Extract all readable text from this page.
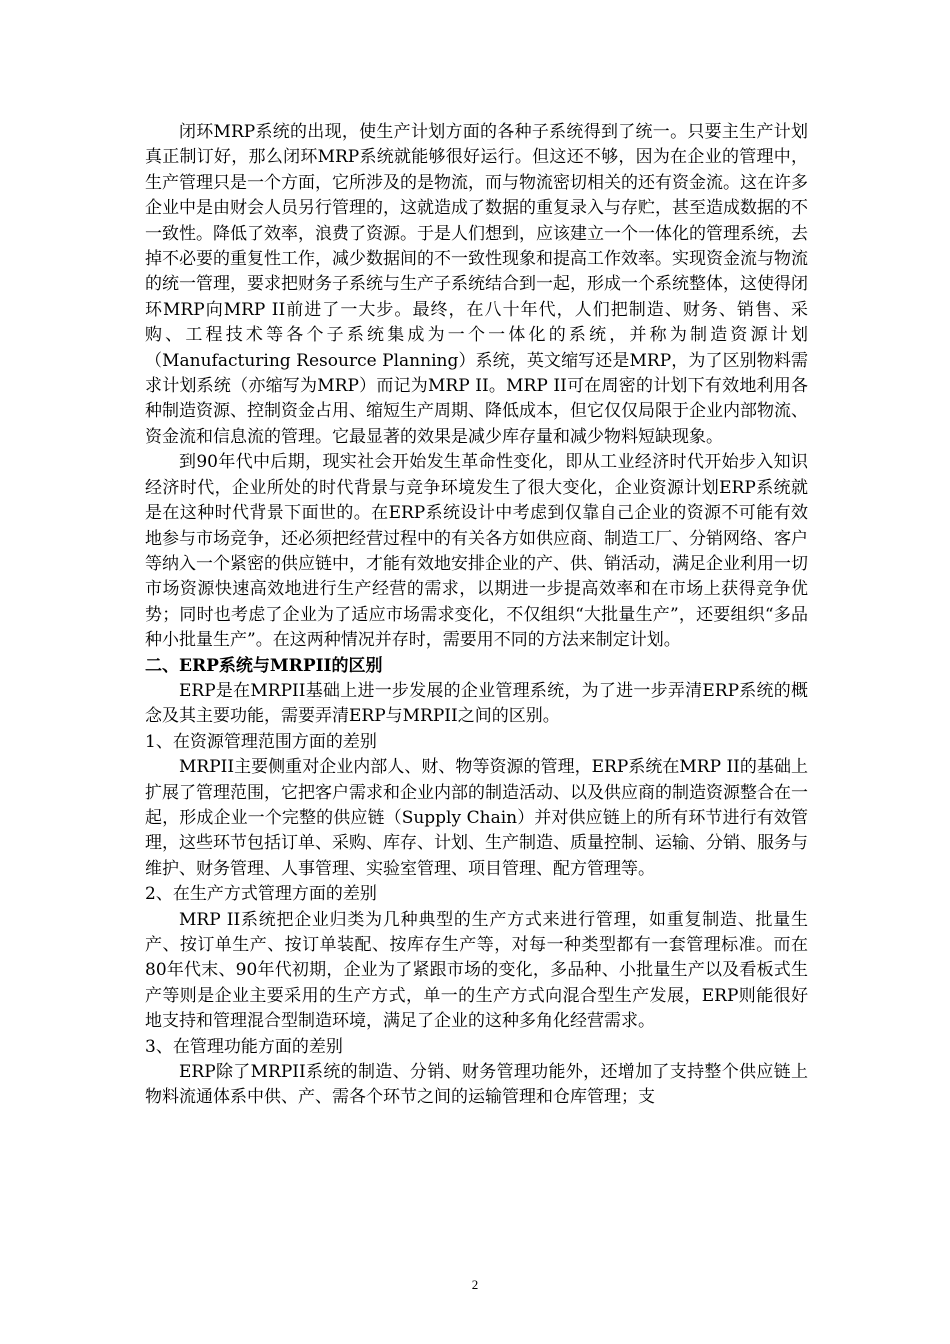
闭环MRP系统的出现，使生产计划方面的各种子系统得到了统一。只要主生产计划真正制订好，那么闭环MRP系统就能够很好运行。但这还不够，因为在企业的管理中，生产管理只是一个方面，它所涉及的是物流，而与物流密切相关的还有资金流。这在许多企业中是由财会人员另行管理的，这就造成了数据的重复录入与存贮，甚至造成数据的不一致性。降低了效率，浪费了资源。于是人们想到，应该建立一个一体化的管理系统，去掉不必要的重复性工作，减少数据间的不一致性现象和提高工作效率。实现资金流与物流的统一管理，要求把财务子系统与生产子系统结合到一起，形成一个系统整体，这使得闭环MRP向MRP II前进了一大步。最终，在八十年代，人们把制造、财务、销售、采购、工程技术等各个子系统集成为一个一体化的系统，并称为制造资源计划（Manufacturing Resource Planning）系统，英文缩写还是MRP，为了区别物料需求计划系统（亦缩写为MRP）而记为MRP II。MRP II可在周密的计划下有效地利用各种制造资源、控制资金占用、缩短生产周期、降低成本，但它仅仅局限于企业内部物流、资金流和信息流的管理。它最显著的效果是减少库存量和减少物料短缺现象。

到90年代中后期，现实社会开始发生革命性变化，即从工业经济时代开始步入知识经济时代，企业所处的时代背景与竞争环境发生了很大变化，企业资源计划ERP系统就是在这种时代背景下面世的。在ERP系统设计中考虑到仅靠自己企业的资源不可能有效地参与市场竞争，还必须把经营过程中的有关各方如供应商、制造工厂、分销网络、客户等纳入一个紧密的供应链中，才能有效地安排企业的产、供、销活动，满足企业利用一切市场资源快速高效地进行生产经营的需求，以期进一步提高效率和在市场上获得竞争优势；同时也考虑了企业为了适应市场需求变化，不仅组织“大批量生产”，还要组织“多品种小批量生产”。在这两种情况并存时，需要用不同的方法来制定计划。

二、ERP系统与MRPII的区别

ERP是在MRPII基础上进一步发展的企业管理系统，为了进一步弄清ERP系统的概念及其主要功能，需要弄清ERP与MRPII之间的区别。

1、在资源管理范围方面的差别

MRPII主要侧重对企业内部人、财、物等资源的管理，ERP系统在MRP II的基础上扩展了管理范围，它把客户需求和企业内部的制造活动、以及供应商的制造资源整合在一起，形成企业一个完整的供应链（Supply Chain）并对供应链上的所有环节进行有效管理，这些环节包括订单、采购、库存、计划、生产制造、质量控制、运输、分销、服务与维护、财务管理、人事管理、实验室管理、项目管理、配方管理等。

2、在生产方式管理方面的差别

MRP II系统把企业归类为几种典型的生产方式来进行管理，如重复制造、批量生产、按订单生产、按订单装配、按库存生产等，对每一种类型都有一套管理标准。而在80年代末、90年代初期，企业为了紧跟市场的变化，多品种、小批量生产以及看板式生产等则是企业主要采用的生产方式，单一的生产方式向混合型生产发展，ERP则能很好地支持和管理混合型制造环境，满足了企业的这种多角化经营需求。

3、在管理功能方面的差别

ERP除了MRPII系统的制造、分销、财务管理功能外，还增加了支持整个供应链上物料流通体系中供、产、需各个环节之间的运输管理和仓库管理；支

2
